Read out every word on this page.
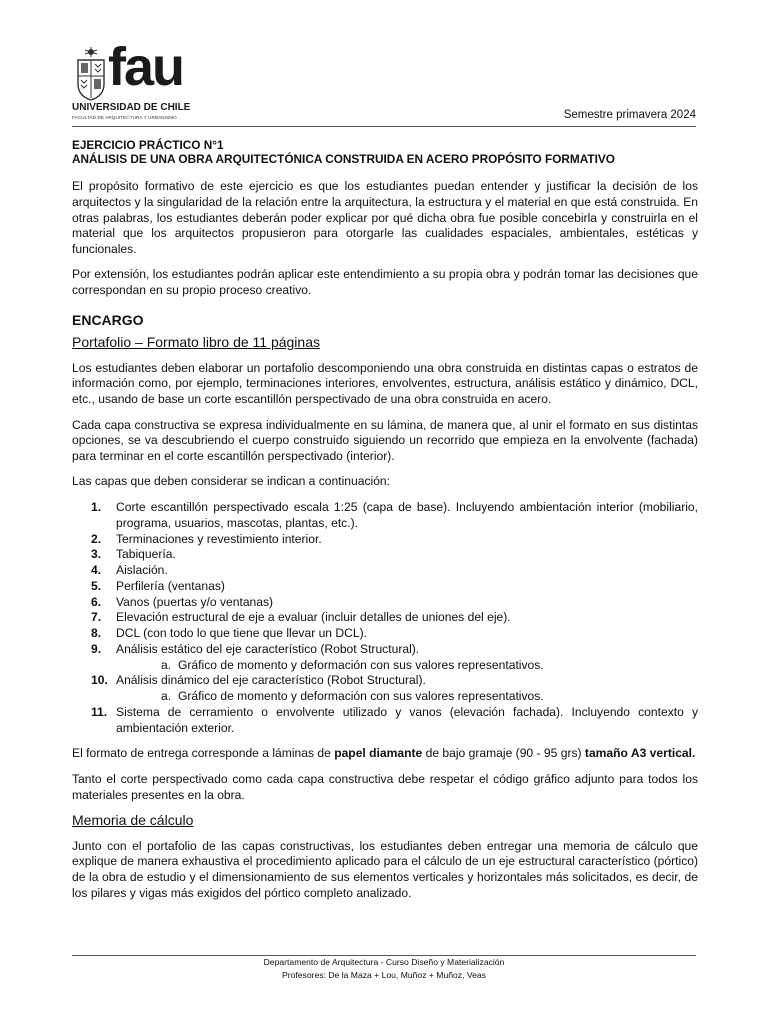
fau
UNIVERSIDAD DE CHILE
FACULTAD DE ARQUITECTURA Y URBANISMO	Semestre primavera 2024
EJERCICIO PRÁCTICO N°1
ANÁLISIS DE UNA OBRA ARQUITECTÓNICA CONSTRUIDA EN ACERO PROPÓSITO FORMATIVO

El propósito formativo de este ejercicio es que los estudiantes puedan entender y justificar la decisión de los arquitectos y la singularidad de la relación entre la arquitectura, la estructura y el material en que está construida. En otras palabras, los estudiantes deberán poder explicar por qué dicha obra fue posible concebirla y construirla en el material que los arquitectos propusieron para otorgarle las cualidades espaciales, ambientales, estéticas y funcionales.

Por extensión, los estudiantes podrán aplicar este entendimiento a su propia obra y podrán tomar las decisiones que correspondan en su propio proceso creativo.

ENCARGO
Portafolio – Formato libro de 11 páginas

Los estudiantes deben elaborar un portafolio descomponiendo una obra construida en distintas capas o estratos de información como, por ejemplo, terminaciones interiores, envolventes, estructura, análisis estático y dinámico, DCL, etc., usando de base un corte escantillón perspectivado de una obra construida en acero.

Cada capa constructiva se expresa individualmente en su lámina, de manera que, al unir el formato en sus distintas opciones, se va descubriendo el cuerpo construido siguiendo un recorrido que empieza en la envolvente (fachada) para terminar en el corte escantillón perspectivado (interior).

Las capas que deben considerar se indican a continuación:

1. Corte escantillón perspectivado escala 1:25 (capa de base). Incluyendo ambientación interior (mobiliario, programa, usuarios, mascotas, plantas, etc.).
2. Terminaciones y revestimiento interior.
3. Tabiquería.
4. Aislación.
5. Perfilería (ventanas)
6. Vanos (puertas y/o ventanas)
7. Elevación estructural de eje a evaluar (incluir detalles de uniones del eje).
8. DCL (con todo lo que tiene que llevar un DCL).
9. Análisis estático del eje característico (Robot Structural).
a. Gráfico de momento y deformación con sus valores representativos.
10. Análisis dinámico del eje característico (Robot Structural).
a. Gráfico de momento y deformación con sus valores representativos.
11. Sistema de cerramiento o envolvente utilizado y vanos (elevación fachada). Incluyendo contexto y ambientación exterior.

El formato de entrega corresponde a láminas de papel diamante de bajo gramaje (90 - 95 grs) tamaño A3 vertical.

Tanto el corte perspectivado como cada capa constructiva debe respetar el código gráfico adjunto para todos los materiales presentes en la obra.

Memoria de cálculo

Junto con el portafolio de las capas constructivas, los estudiantes deben entregar una memoria de cálculo que explique de manera exhaustiva el procedimiento aplicado para el cálculo de un eje estructural característico (pórtico) de la obra de estudio y el dimensionamiento de sus elementos verticales y horizontales más solicitados, es decir, de los pilares y vigas más exigidos del pórtico completo analizado.

Departamento de Arquitectura - Curso Diseño y Materialización
Profesores: De la Maza + Lou, Muñoz + Muñoz, Veas
